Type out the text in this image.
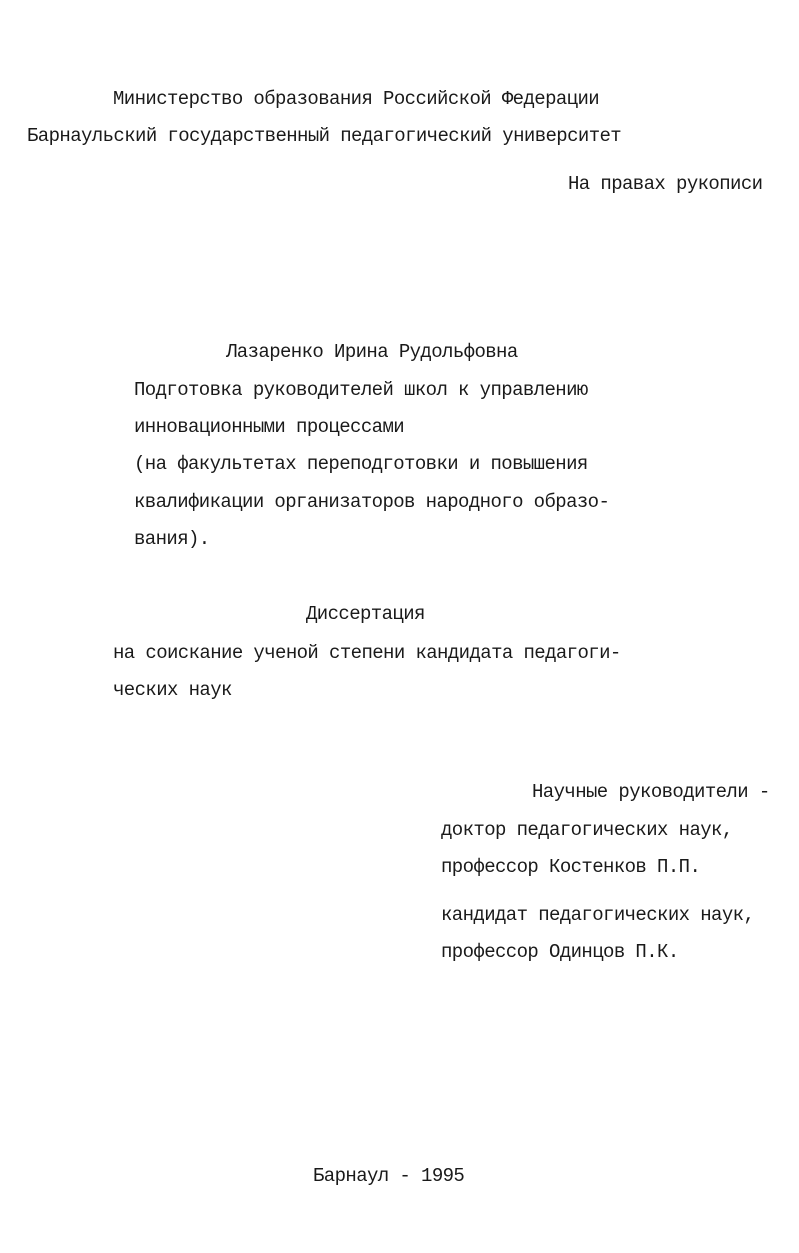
Министерство образования Российской Федерации
Барнаульский государственный педагогический университет
На правах рукописи
Лазаренко Ирина Рудольфовна
Подготовка руководителей школ к управлению
инновационными процессами
(на факультетах переподготовки и повышения
квалификации организаторов народного образо-
вания).
Диссертация
на соискание ученой степени кандидата педагоги-
ческих наук
Научные руководители -
доктор педагогических наук,
профессор Костенков П.П.
кандидат педагогических наук,
профессор Одинцов П.К.
Барнаул - 1995
